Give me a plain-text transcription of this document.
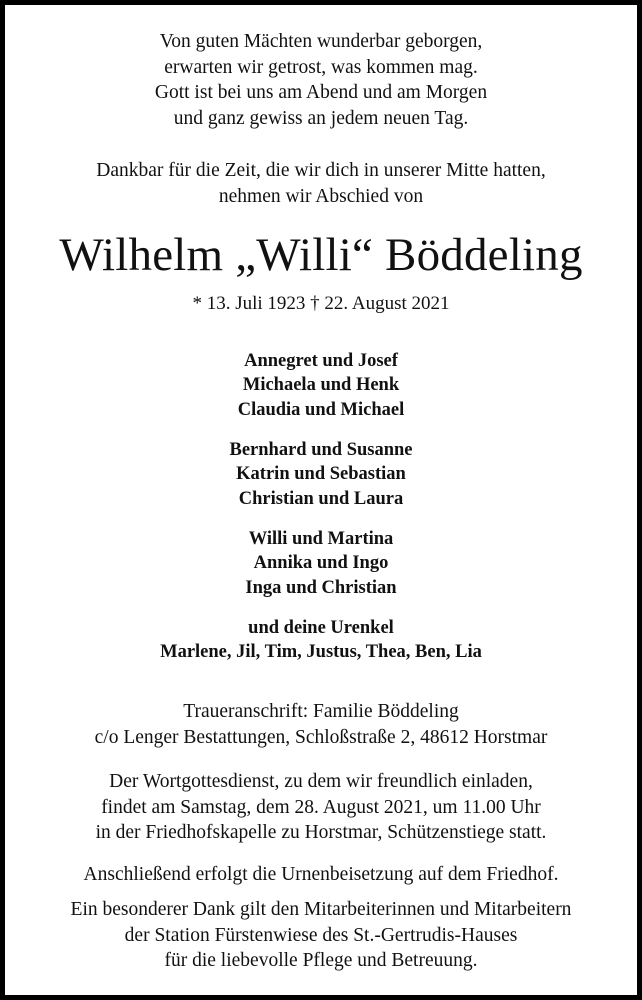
Von guten Mächten wunderbar geborgen,
erwarten wir getrost, was kommen mag.
Gott ist bei uns am Abend und am Morgen
und ganz gewiss an jedem neuen Tag.
Dankbar für die Zeit, die wir dich in unserer Mitte hatten,
nehmen wir Abschied von
Wilhelm „Willi“ Böddeling
* 13. Juli 1923 † 22. August 2021
Annegret und Josef
Michaela und Henk
Claudia und Michael
Bernhard und Susanne
Katrin und Sebastian
Christian und Laura
Willi und Martina
Annika und Ingo
Inga und Christian
und deine Urenkel
Marlene, Jil, Tim, Justus, Thea, Ben, Lia
Traueranschrift: Familie Böddeling
c/o Lenger Bestattungen, Schloßstraße 2, 48612 Horstmar
Der Wortgottesdienst, zu dem wir freundlich einladen,
findet am Samstag, dem 28. August 2021, um 11.00 Uhr
in der Friedhofskapelle zu Horstmar, Schützenstiege statt.
Anschließend erfolgt die Urnenbeisetzung auf dem Friedhof.
Ein besonderer Dank gilt den Mitarbeiterinnen und Mitarbeitern
der Station Fürstenwiese des St.-Gertrudis-Hauses
für die liebevolle Pflege und Betreuung.
